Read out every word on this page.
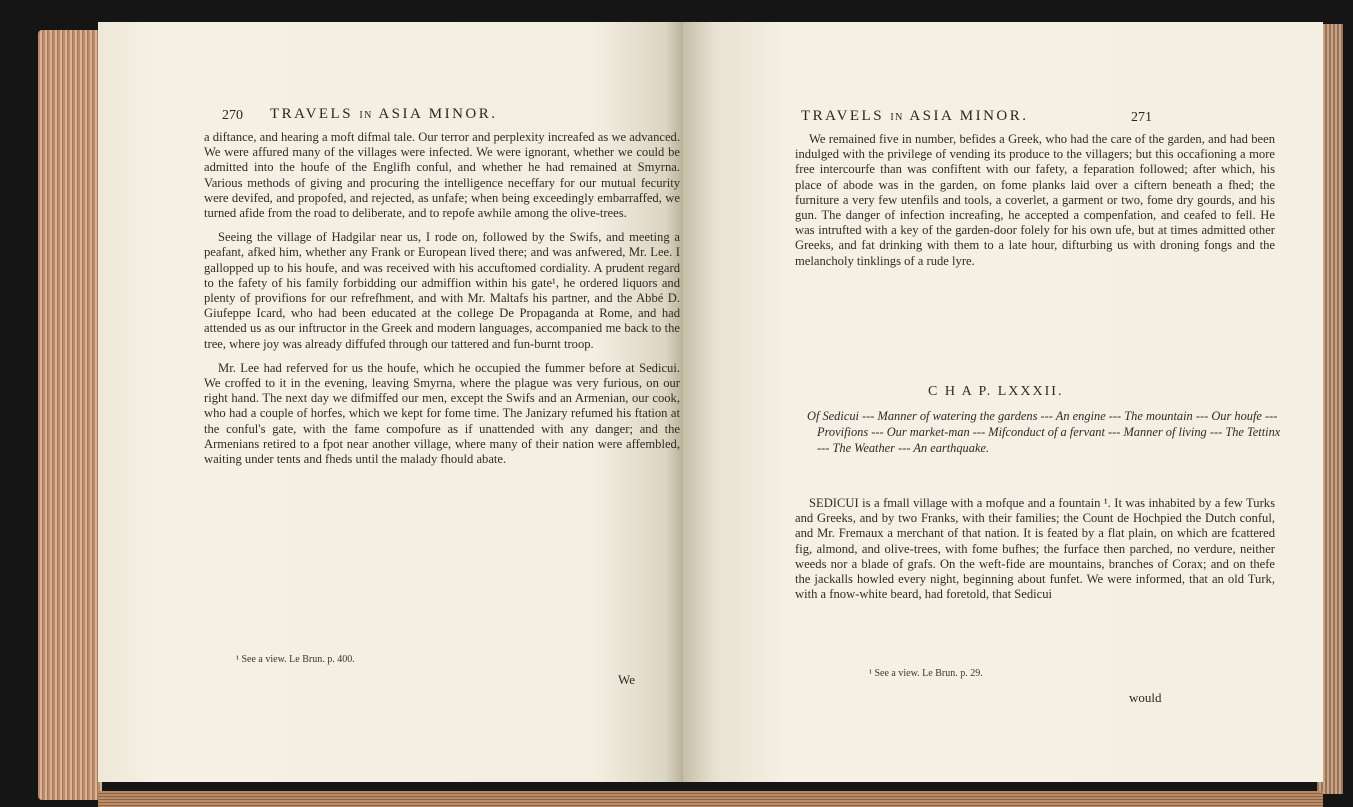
270 TRAVELS IN ASIA MINOR.

a diftance, and hearing a moft difmal tale. Our terror and perplexity increafed as we advanced. We were affured many of the villages were infected. We were ignorant, whether we could be admitted into the houfe of the Englifh conful, and whether he had remained at Smyrna. Various methods of giving and procuring the intelligence neceffary for our mutual fecurity were devifed, and propofed, and rejected, as unfafe; when being exceedingly embarraffed, we turned afide from the road to deliberate, and to repofe awhile among the olive-trees.

Seeing the village of Hadgilar near us, I rode on, followed by the Swifs, and meeting a peafant, afked him, whether any Frank or European lived there; and was anfwered, Mr. Lee. I gallopped up to his houfe, and was received with his accuftomed cordiality. A prudent regard to the fafety of his family forbidding our admiffion within his gate¹, he ordered liquors and plenty of provifions for our refrefhment, and with Mr. Maltafs his partner, and the Abbé D. Giufeppe Icard, who had been educated at the college De Propaganda at Rome, and had attended us as our inftructor in the Greek and modern languages, accompanied me back to the tree, where joy was already diffufed through our tattered and fun-burnt troop.

Mr. Lee had referved for us the houfe, which he occupied the fummer before at Sedicui. We croffed to it in the evening, leaving Smyrna, where the plague was very furious, on our right hand. The next day we difmiffed our men, except the Swifs and an Armenian, our cook, who had a couple of horfes, which we kept for fome time. The Janizary refumed his ftation at the conful's gate, with the fame compofure as if unattended with any danger; and the Armenians retired to a fpot near another village, where many of their nation were affembled, waiting under tents and fheds until the malady fhould abate.

¹ See a view. Le Brun. p. 400.
We
TRAVELS IN ASIA MINOR.	271

We remained five in number, befides a Greek, who had the care of the garden, and had been indulged with the privilege of vending its produce to the villagers; but this occafioning a more free intercourfe than was confiftent with our fafety, a feparation followed; after which, his place of abode was in the garden, on fome planks laid over a ciftern beneath a fhed; the furniture a very few utenfils and tools, a coverlet, a garment or two, fome dry gourds, and his gun. The danger of infection increafing, he accepted a compenfation, and ceafed to fell. He was intrufted with a key of the garden-door folely for his own ufe, but at times admitted other Greeks, and fat drinking with them to a late hour, difturbing us with droning fongs and the melancholy tinklings of a rude lyre.

C H A P. LXXXII.
Of Sedicui --- Manner of watering the gardens --- An engine --- The mountain --- Our houfe --- Provifions --- Our market-man --- Mifconduct of a fervant --- Manner of living --- The Tettinx --- The Weather --- An earthquake.

SEDICUI is a fmall village with a mofque and a fountain ¹. It was inhabited by a few Turks and Greeks, and by two Franks, with their families; the Count de Hochpied the Dutch conful, and Mr. Fremaux a merchant of that nation. It is feated by a flat plain, on which are fcattered fig, almond, and olive-trees, with fome bufhes; the furface then parched, no verdure, neither weeds nor a blade of grafs. On the weft-fide are mountains, branches of Corax; and on thefe the jackalls howled every night, beginning about funfet. We were informed, that an old Turk, with a fnow-white beard, had foretold, that Sedicui

¹ See a view. Le Brun. p. 29.
would
